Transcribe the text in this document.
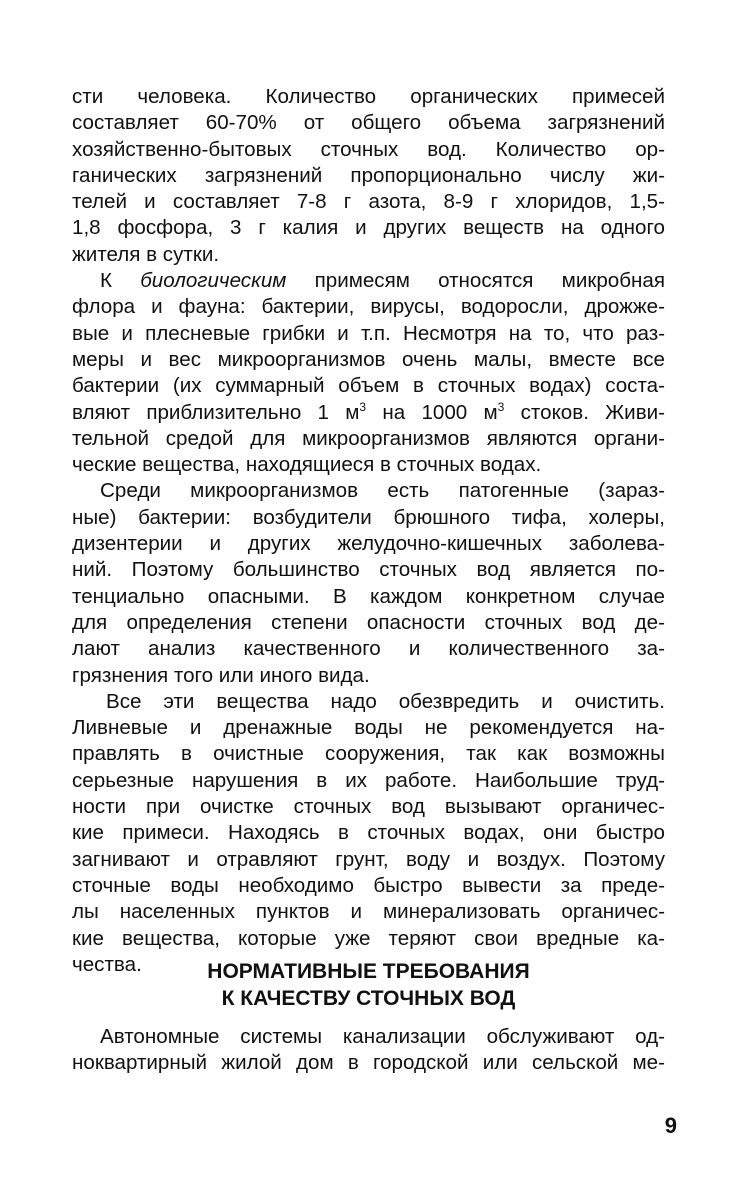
сти человека. Количество органических примесей
составляет 60-70% от общего объема загрязнений
хозяйственно-бытовых сточных вод. Количество ор-
ганических загрязнений пропорционально числу жи-
телей и составляет 7-8 г азота, 8-9 г хлоридов, 1,5-
1,8 фосфора, 3 г калия и других веществ на одного
жителя в сутки.
К биологическим примесям относятся микробная
флора и фауна: бактерии, вирусы, водоросли, дрожже-
вые и плесневые грибки и т.п. Несмотря на то, что раз-
меры и вес микроорганизмов очень малы, вместе все
бактерии (их суммарный объем в сточных водах) соста-
вляют приблизительно 1 $м^3$ на 1000 $м^3$ стоков. Живи-
тельной средой для микроорганизмов являются органи-
ческие вещества, находящиеся в сточных водах.
Среди микроорганизмов есть патогенные (зараз-
ные) бактерии: возбудители брюшного тифа, холеры,
дизентерии и других желудочно-кишечных заболева-
ний. Поэтому большинство сточных вод является по-
тенциально опасными. В каждом конкретном случае
для определения степени опасности сточных вод де-
лают анализ качественного и количественного за-
грязнения того или иного вида.
Все эти вещества надо обезвредить и очистить.
Ливневые и дренажные воды не рекомендуется на-
правлять в очистные сооружения, так как возможны
серьезные нарушения в их работе. Наибольшие труд-
ности при очистке сточных вод вызывают органичес-
кие примеси. Находясь в сточных водах, они быстро
загнивают и отравляют грунт, воду и воздух. Поэтому
сточные воды необходимо быстро вывести за преде-
лы населенных пунктов и минерализовать органичес-
кие вещества, которые уже теряют свои вредные ка-
чества.	НОРМАТИВНЫЕ ТРЕБОВАНИЯ
К КАЧЕСТВУ СТОЧНЫХ ВОД
Автономные системы канализации обслуживают од-
ноквартирный жилой дом в городской или сельской ме-
9
